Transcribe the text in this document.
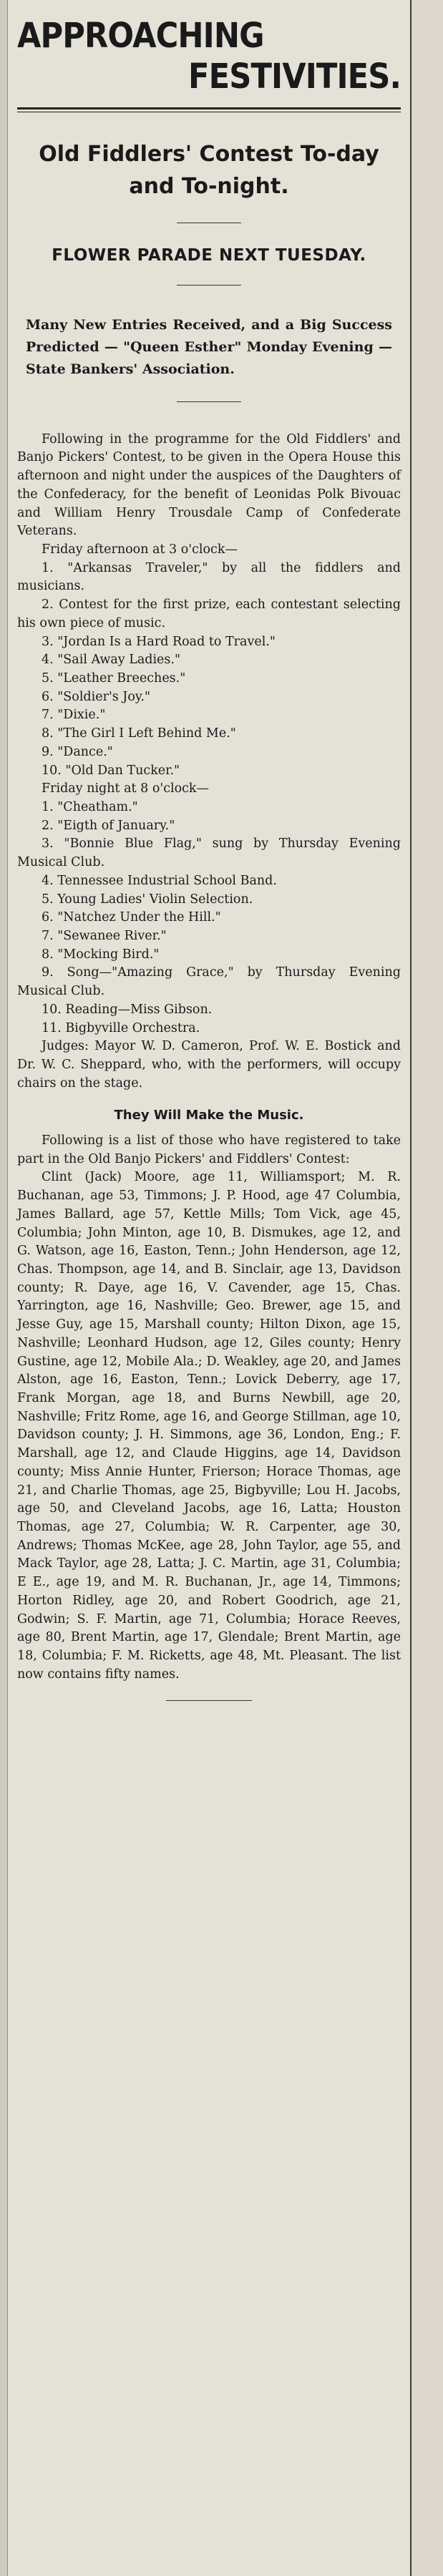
APPROACHING
FESTIVITIES.
Old Fiddlers' Contest To-day and To-night.
FLOWER PARADE NEXT TUESDAY.
Many New Entries Received, and a Big Success Predicted — "Queen Esther" Monday Evening —State Bankers' Association.

Following in the programme for the Old Fiddlers' and Banjo Pickers' Contest, to be given in the Opera House this afternoon and night under the auspices of the Daughters of the Confederacy, for the benefit of Leonidas Polk Bivouac and William Henry Trousdale Camp of Confederate Veterans.

Friday afternoon at 3 o'clock—

1. "Arkansas Traveler," by all the fiddlers and musicians.

2. Contest for the first prize, each contestant selecting his own piece of music.

3. "Jordan Is a Hard Road to Travel."

4. "Sail Away Ladies."

5. "Leather Breeches."

6. "Soldier's Joy."

7. "Dixie."

8. "The Girl I Left Behind Me."

9. "Dance."

10. "Old Dan Tucker."

Friday night at 8 o'clock—

1. "Cheatham."

2. "Eigth of January."

3. "Bonnie Blue Flag," sung by Thursday Evening Musical Club.

4. Tennessee Industrial School Band.

5. Young Ladies' Violin Selection.

6. "Natchez Under the Hill."

7. "Sewanee River."

8. "Mocking Bird."

9. Song—"Amazing Grace," by Thursday Evening Musical Club.

10. Reading—Miss Gibson.

11. Bigbyville Orchestra.

Judges: Mayor W. D. Cameron, Prof. W. E. Bostick and Dr. W. C. Sheppard, who, with the performers, will occupy chairs on the stage.

They Will Make the Music.

Following is a list of those who have registered to take part in the Old Banjo Pickers' and Fiddlers' Contest:

Clint (Jack) Moore, age 11, Williamsport; M. R. Buchanan, age 53, Timmons; J. P. Hood, age 47 Columbia, James Ballard, age 57, Kettle Mills; Tom Vick, age 45, Columbia; John Minton, age 10, B. Dismukes, age 12, and G. Watson, age 16, Easton, Tenn.; John Henderson, age 12, Chas. Thompson, age 14, and B. Sinclair, age 13, Davidson county; R. Daye, age 16, V. Cavender, age 15, Chas. Yarrington, age 16, Nashville; Geo. Brewer, age 15, and Jesse Guy, age 15, Marshall county; Hilton Dixon, age 15, Nashville; Leonhard Hudson, age 12, Giles county; Henry Gustine, age 12, Mobile Ala.; D. Weakley, age 20, and James Alston, age 16, Easton, Tenn.; Lovick Deberry, age 17, Frank Morgan, age 18, and Burns Newbill, age 20, Nashville; Fritz Rome, age 16, and George Stillman, age 10, Davidson county; J. H. Simmons, age 36, London, Eng.; F. Marshall, age 12, and Claude Higgins, age 14, Davidson county; Miss Annie Hunter, Frierson; Horace Thomas, age 21, and Charlie Thomas, age 25, Bigbyville; Lou H. Jacobs, age 50, and Cleveland Jacobs, age 16, Latta; Houston Thomas, age 27, Columbia; W. R. Carpenter, age 30, Andrews; Thomas McKee, age 28, John Taylor, age 55, and Mack Taylor, age 28, Latta; J. C. Martin, age 31, Columbia; E E., age 19, and M. R. Buchanan, Jr., age 14, Timmons; Horton Ridley, age 20, and Robert Goodrich, age 21, Godwin; S. F. Martin, age 71, Columbia; Horace Reeves, age 80, Brent Martin, age 17, Glendale; Brent Martin, age 18, Columbia; F. M. Ricketts, age 48, Mt. Pleasant. The list now contains fifty names.
